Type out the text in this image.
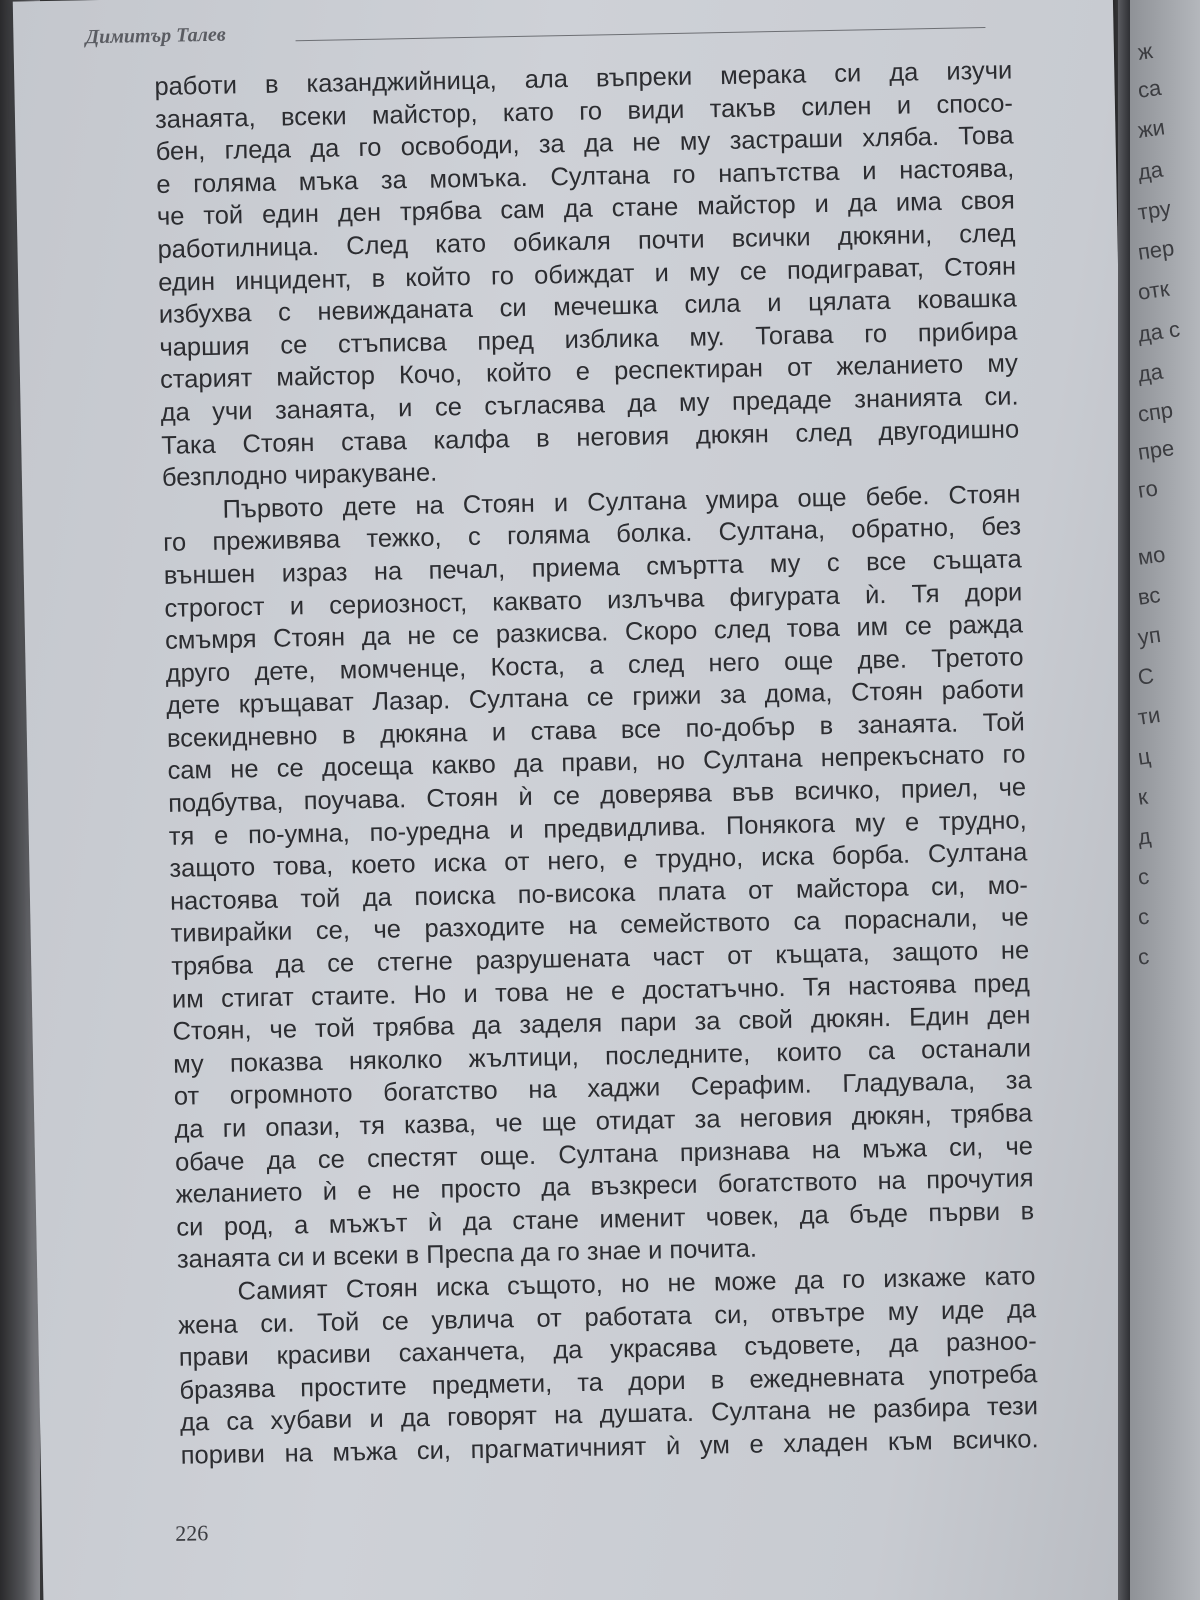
Димитър Талев
работи в казанджийница, ала въпреки мерака си да изучи
занаята, всеки майстор, като го види такъв силен и спосо-
бен, гледа да го освободи, за да не му застраши хляба. Това
е голяма мъка за момъка. Султана го напътства и настоява,
че той един ден трябва сам да стане майстор и да има своя
работилница. След като обикаля почти всички дюкяни, след
един инцидент, в който го обиждат и му се подиграват, Стоян
избухва с невижданата си мечешка сила и цялата ковашка
чаршия се стъписва пред изблика му. Тогава го прибира
старият майстор Кочо, който е респектиран от желанието му
да учи занаята, и се съгласява да му предаде знанията си.
Така Стоян става калфа в неговия дюкян след двугодишно
безплодно чиракуване.
Първото дете на Стоян и Султана умира още бебе. Стоян
го преживява тежко, с голяма болка. Султана, обратно, без
външен израз на печал, приема смъртта му с все същата
строгост и сериозност, каквато излъчва фигурата ѝ. Тя дори
смъмря Стоян да не се разкисва. Скоро след това им се ражда
друго дете, момченце, Коста, а след него още две. Третото
дете кръщават Лазар. Султана се грижи за дома, Стоян работи
всекидневно в дюкяна и става все по-добър в занаята. Той
сам не се досеща какво да прави, но Султана непрекъснато го
подбутва, поучава. Стоян ѝ се доверява във всичко, приел, че
тя е по-умна, по-уредна и предвидлива. Понякога му е трудно,
защото това, което иска от него, е трудно, иска борба. Султана
настоява той да поиска по-висока плата от майстора си, мо-
тивирайки се, че разходите на семейството са пораснали, че
трябва да се стегне разрушената част от къщата, защото не
им стигат стаите. Но и това не е достатъчно. Тя настоява пред
Стоян, че той трябва да заделя пари за свой дюкян. Един ден
му показва няколко жълтици, последните, които са останали
от огромното богатство на хаджи Серафим. Гладувала, за
да ги опази, тя казва, че ще отидат за неговия дюкян, трябва
обаче да се спестят още. Султана признава на мъжа си, че
желанието ѝ е не просто да възкреси богатството на прочутия
си род, а мъжът ѝ да стане именит човек, да бъде първи в
занаята си и всеки в Преспа да го знае и почита.
Самият Стоян иска същото, но не може да го изкаже като
жена си. Той се увлича от работата си, отвътре му иде да
прави красиви саханчета, да украсява съдовете, да разноо-
бразява простите предмети, та дори в ежедневната употреба
да са хубави и да говорят на душата. Султана не разбира тези
пориви на мъжа си, прагматичният ѝ ум е хладен към всичко.
226
ж
са
жи
да
тру
пер
отк
да с
да
спр
пре
го
мо
вс
уп
С
ти
ц
к
д
с
с
с
